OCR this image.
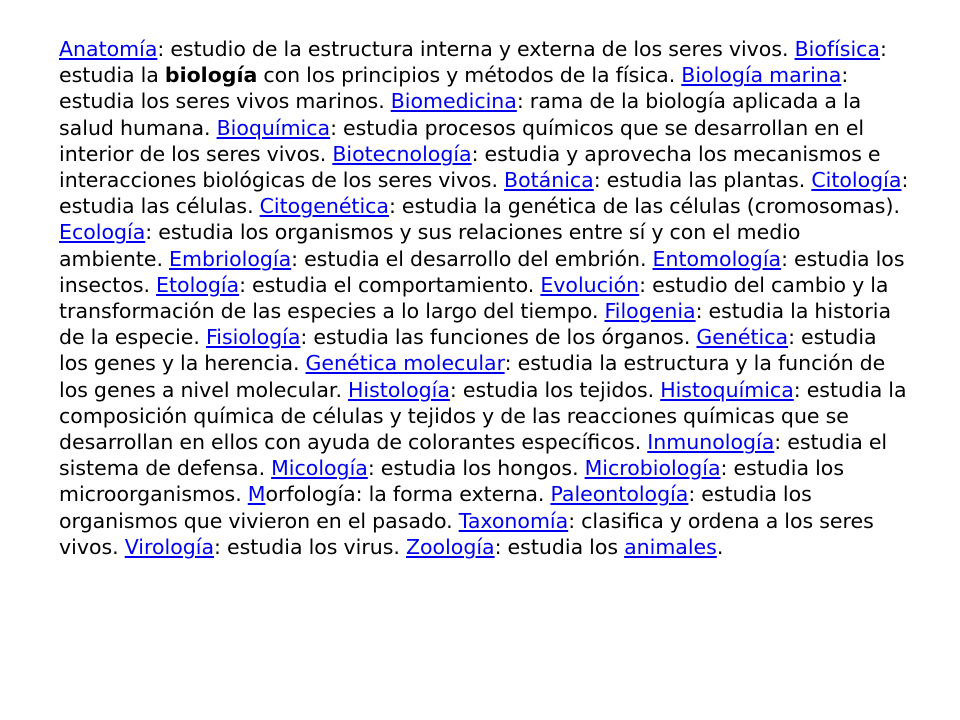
Anatomía: estudio de la estructura interna y externa de los seres vivos. Biofísica: estudia la biología con los principios y métodos de la física. Biología marina: estudia los seres vivos marinos. Biomedicina: rama de la biología aplicada a la salud humana. Bioquímica: estudia procesos químicos que se desarrollan en el interior de los seres vivos. Biotecnología: estudia y aprovecha los mecanismos e interacciones biológicas de los seres vivos. Botánica: estudia las plantas. Citología: estudia las células. Citogenética: estudia la genética de las células (cromosomas). Ecología: estudia los organismos y sus relaciones entre sí y con el medio ambiente. Embriología: estudia el desarrollo del embrión. Entomología: estudia los insectos. Etología: estudia el comportamiento. Evolución: estudio del cambio y la transformación de las especies a lo largo del tiempo. Filogenia: estudia la historia de la especie. Fisiología: estudia las funciones de los órganos. Genética: estudia los genes y la herencia. Genética molecular: estudia la estructura y la función de los genes a nivel molecular. Histología: estudia los tejidos. Histoquímica: estudia la composición química de células y tejidos y de las reacciones químicas que se desarrollan en ellos con ayuda de colorantes específicos. Inmunología: estudia el sistema de defensa. Micología: estudia los hongos. Microbiología: estudia los microorganismos. Morfología: la forma externa. Paleontología: estudia los organismos que vivieron en el pasado. Taxonomía: clasifica y ordena a los seres vivos. Virología: estudia los virus. Zoología: estudia los animales.
